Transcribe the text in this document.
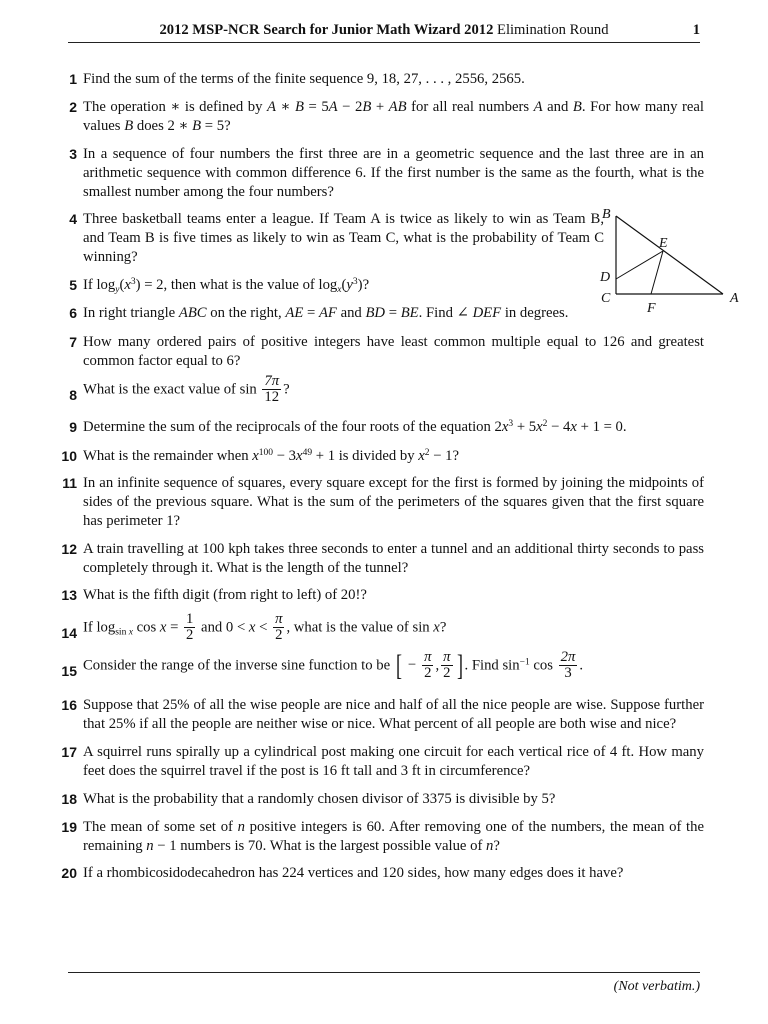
2012 MSP-NCR Search for Junior Math Wizard 2012 Elimination Round	1
1 Find the sum of the terms of the finite sequence 9, 18, 27, . . . , 2556, 2565.
2 The operation ∗ is defined by A ∗ B = 5A − 2B + AB for all real numbers A and B. For how many real values B does 2 ∗ B = 5?
3 In a sequence of four numbers the first three are in a geometric sequence and the last three are in an arithmetic sequence with common difference 6. If the first number is the same as the fourth, what is the smallest number among the four numbers?
4 Three basketball teams enter a league. If Team A is twice as likely to win as Team B, and Team B is five times as likely to win as Team C, what is the probability of Team C winning?
5 If $\log_y(x^3) = 2$, then what is the value of $\log_x(y^3)$?
6 In right triangle ABC on the right, AE = AF and BD = BE. Find ∠ DEF in degrees.
B
E
D
C
F
A
7 How many ordered pairs of positive integers have least common multiple equal to 126 and greatest common factor equal to 6?
8 What is the exact value of $\sin \frac{7\pi}{12}$ ?
9 Determine the sum of the reciprocals of the four roots of the equation $2x^3 + 5x^2 - 4x + 1 = 0$.
10 What is the remainder when $x^{100} - 3x^{49} + 1$ is divided by $x^2 - 1$?
11 In an infinite sequence of squares, every square except for the first is formed by joining the midpoints of sides of the previous square. What is the sum of the perimeters of the squares given that the first square has perimeter 1?
12 A train travelling at 100 kph takes three seconds to enter a tunnel and an additional thirty seconds to pass completely through it. What is the length of the tunnel?
13 What is the fifth digit (from right to left) of 20!?
14 If $\log_{sin x} \cos x = \frac{1}{2}$ and $0 < x < \frac{\pi}{2}$ , what is the value of sin x?
15 Consider the range of the inverse sine function to be [ − $\frac{\pi}{2}$ , $\frac{\pi}{2}$ ] . Find $\sin^{-1} \cos \frac{2\pi}{3}$ .
16 Suppose that 25% of all the wise people are nice and half of all the nice people are wise. Suppose further that 25% if all the people are neither wise or nice. What percent of all people are both wise and nice?
17 A squirrel runs spirally up a cylindrical post making one circuit for each vertical rice of 4 ft. How many feet does the squirrel travel if the post is 16 ft tall and 3 ft in circumference?
18 What is the probability that a randomly chosen divisor of 3375 is divisible by 5?
19 The mean of some set of n positive integers is 60. After removing one of the numbers, the mean of the remaining n − 1 numbers is 70. What is the largest possible value of n?
20 If a rhombicosidodecahedron has 224 vertices and 120 sides, how many edges does it have?
(Not verbatim.)
